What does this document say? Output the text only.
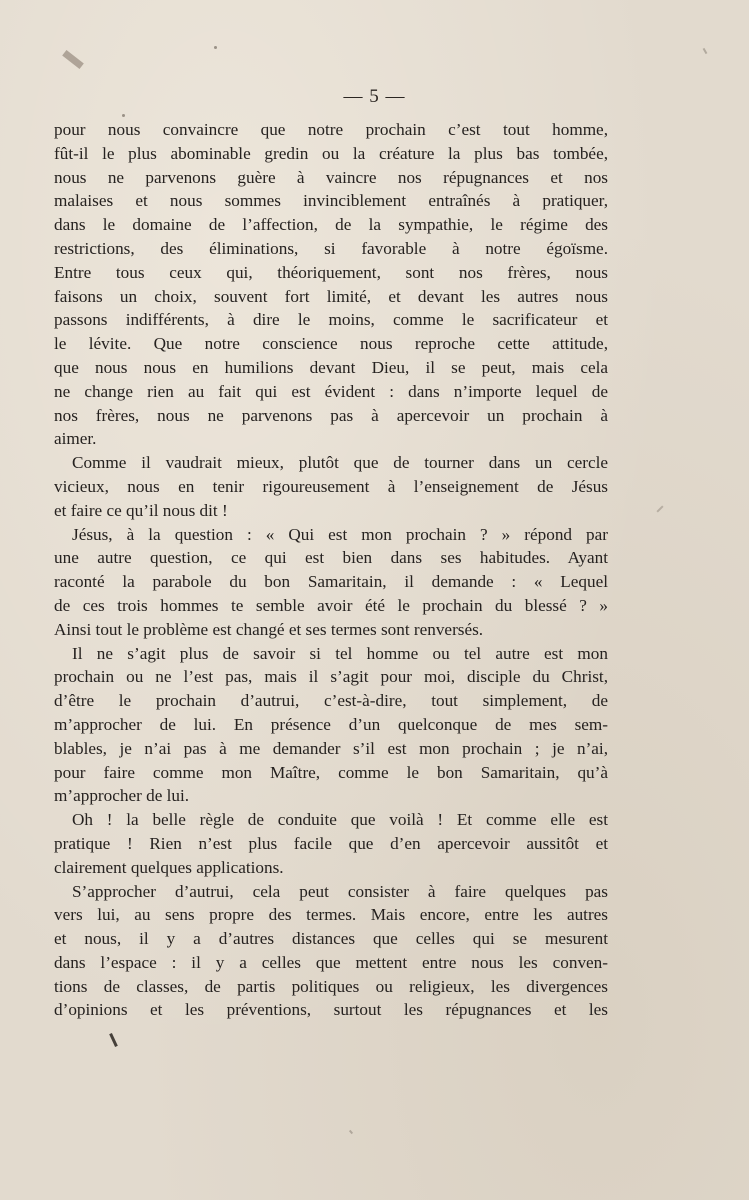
— 5 —

pour nous convaincre que notre prochain c’est tout homme,

fût-il le plus abominable gredin ou la créature la plus bas tombée,

nous ne parvenons guère à vaincre nos répugnances et nos

malaises et nous sommes invinciblement entraînés à pratiquer,

dans le domaine de l’affection, de la sympathie, le régime des

restrictions, des éliminations, si favorable à notre égoïsme.

Entre tous ceux qui, théoriquement, sont nos frères, nous

faisons un choix, souvent fort limité, et devant les autres nous

passons indifférents, à dire le moins, comme le sacrificateur et

le lévite. Que notre conscience nous reproche cette attitude,

que nous nous en humilions devant Dieu, il se peut, mais cela

ne change rien au fait qui est évident : dans n’importe lequel de

nos frères, nous ne parvenons pas à apercevoir un prochain à

aimer.

Comme il vaudrait mieux, plutôt que de tourner dans un cercle

vicieux, nous en tenir rigoureusement à l’enseignement de Jésus

et faire ce qu’il nous dit !

Jésus, à la question : « Qui est mon prochain ? » répond par

une autre question, ce qui est bien dans ses habitudes. Ayant

raconté la parabole du bon Samaritain, il demande : « Lequel

de ces trois hommes te semble avoir été le prochain du blessé ? »

Ainsi tout le problème est changé et ses termes sont renversés.

Il ne s’agit plus de savoir si tel homme ou tel autre est mon

prochain ou ne l’est pas, mais il s’agit pour moi, disciple du Christ,

d’être le prochain d’autrui, c’est-à-dire, tout simplement, de

m’approcher de lui. En présence d’un quelconque de mes sem-

blables, je n’ai pas à me demander s’il est mon prochain ; je n’ai,

pour faire comme mon Maître, comme le bon Samaritain, qu’à

m’approcher de lui.

Oh ! la belle règle de conduite que voilà ! Et comme elle est

pratique ! Rien n’est plus facile que d’en apercevoir aussitôt et

clairement quelques applications.

S’approcher d’autrui, cela peut consister à faire quelques pas

vers lui, au sens propre des termes. Mais encore, entre les autres

et nous, il y a d’autres distances que celles qui se mesurent

dans l’espace : il y a celles que mettent entre nous les conven-

tions de classes, de partis politiques ou religieux, les divergences

d’opinions et les préventions, surtout les répugnances et les
